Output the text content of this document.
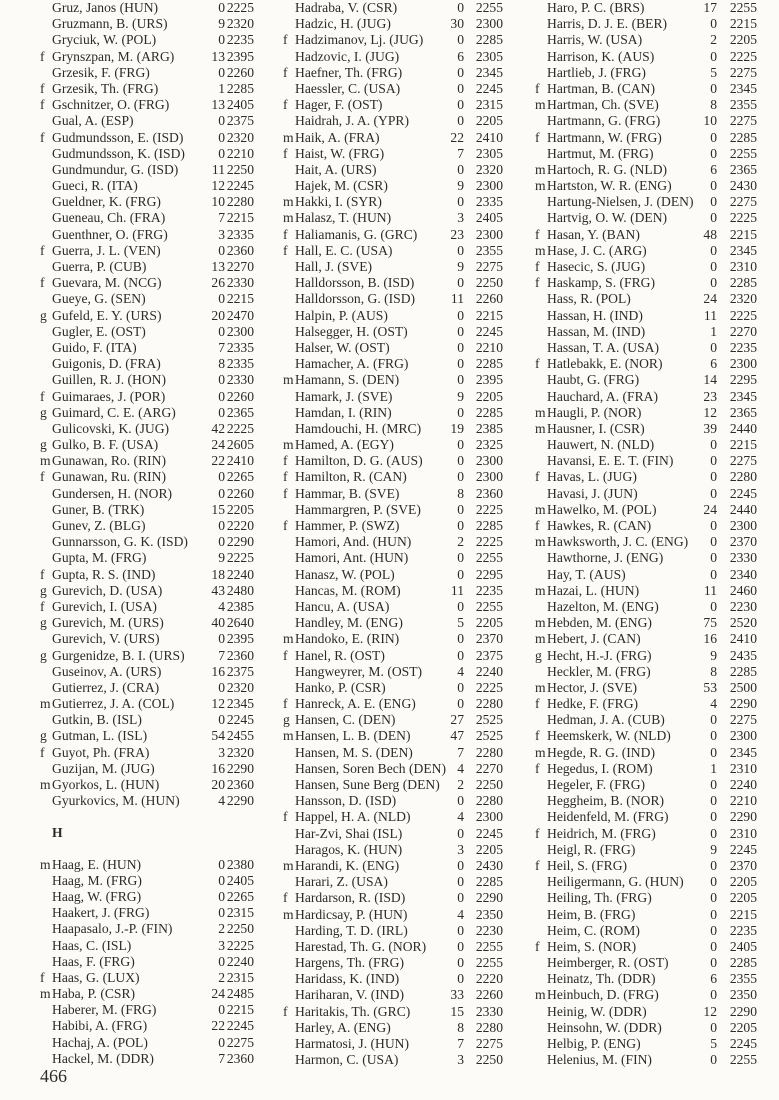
Gruz, Janos (HUN)	0 2225
Gruzmann, B. (URS)	9 2320
Gryciuk, W. (POL)	0 2235
f Grynszpan, M. (ARG)	13 2395
Grzesik, F. (FRG)	0 2260
f Grzesik, Th. (FRG)	1 2285
f Gschnitzer, O. (FRG)	13 2405
Gual, A. (ESP)	0 2375
f Gudmundsson, E. (ISD)	0 2320
Gudmundsson, K. (ISD)	0 2210
Gundmundur, G. (ISD)	11 2250
Gueci, R. (ITA)	12 2245
Gueldner, K. (FRG)	10 2280
Gueneau, Ch. (FRA)	7 2215
Guenthner, O. (FRG)	3 2335
f Guerra, J. L. (VEN)	0 2360
Guerra, P. (CUB)	13 2270
f Guevara, M. (NCG)	26 2330
Gueye, G. (SEN)	0 2215
g Gufeld, E. Y. (URS)	20 2470
Gugler, E. (OST)	0 2300
Guido, F. (ITA)	7 2335
Guigonis, D. (FRA)	8 2335
Guillen, R. J. (HON)	0 2330
f Guimaraes, J. (POR)	0 2260
g Guimard, C. E. (ARG)	0 2365
Gulicovski, K. (JUG)	42 2225
g Gulko, B. F. (USA)	24 2605
m Gunawan, Ro. (RIN)	22 2410
f Gunawan, Ru. (RIN)	0 2265
Gundersen, H. (NOR)	0 2260
Guner, B. (TRK)	15 2205
Gunev, Z. (BLG)	0 2220
Gunnarsson, G. K. (ISD)	0 2290
Gupta, M. (FRG)	9 2225
f Gupta, R. S. (IND)	18 2240
g Gurevich, D. (USA)	43 2480
f Gurevich, I. (USA)	4 2385
g Gurevich, M. (URS)	40 2640
Gurevich, V. (URS)	0 2395
g Gurgenidze, B. I. (URS)	7 2360
Guseinov, A. (URS)	16 2375
Gutierrez, J. (CRA)	0 2320
m Gutierrez, J. A. (COL)	12 2345
Gutkin, B. (ISL)	0 2245
g Gutman, L. (ISL)	54 2455
f Guyot, Ph. (FRA)	3 2320
Guzijan, M. (JUG)	16 2290
m Gyorkos, L. (HUN)	20 2360
Gyurkovics, M. (HUN)	4 2290
H
m Haag, E. (HUN)	0 2380
Haag, M. (FRG)	0 2405
Haag, W. (FRG)	0 2265
Haakert, J. (FRG)	0 2315
Haapasalo, J.-P. (FIN)	2 2250
Haas, C. (ISL)	3 2225
Haas, F. (FRG)	0 2240
f Haas, G. (LUX)	2 2315
m Haba, P. (CSR)	24 2485
Haberer, M. (FRG)	0 2215
Habibi, A. (FRG)	22 2245
Hachaj, A. (POL)	0 2275
Hackel, M. (DDR)	7 2360
Hadraba, V. (CSR)	0 2255
Hadzic, H. (JUG)	30 2300
f Hadzimanov, Lj. (JUG)	0 2285
Hadzovic, I. (JUG)	6 2305
f Haefner, Th. (FRG)	0 2345
Haessler, C. (USA)	0 2245
f Hager, F. (OST)	0 2315
Haidrah, J. A. (YPR)	0 2205
m Haik, A. (FRA)	22 2410
f Haist, W. (FRG)	7 2305
Hait, A. (URS)	0 2320
Hajek, M. (CSR)	9 2300
m Hakki, I. (SYR)	0 2335
m Halasz, T. (HUN)	3 2405
f Haliamanis, G. (GRC)	23 2300
f Hall, E. C. (USA)	0 2355
Hall, J. (SVE)	9 2275
Halldorsson, B. (ISD)	0 2250
Halldorsson, G. (ISD)	11 2260
Halpin, P. (AUS)	0 2215
Halsegger, H. (OST)	0 2245
Halser, W. (OST)	0 2210
Hamacher, A. (FRG)	0 2285
m Hamann, S. (DEN)	0 2395
Hamark, J. (SVE)	9 2205
Hamdan, I. (RIN)	0 2285
Hamdouchi, H. (MRC)	19 2385
m Hamed, A. (EGY)	0 2325
f Hamilton, D. G. (AUS)	0 2300
f Hamilton, R. (CAN)	0 2300
f Hammar, B. (SVE)	8 2360
Hammargren, P. (SVE)	0 2225
f Hammer, P. (SWZ)	0 2285
Hamori, And. (HUN)	2 2225
Hamori, Ant. (HUN)	0 2255
Hanasz, W. (POL)	0 2295
Hancas, M. (ROM)	11 2235
Hancu, A. (USA)	0 2255
Handley, M. (ENG)	5 2205
m Handoko, E. (RIN)	0 2370
f Hanel, R. (OST)	0 2375
Hangweyrer, M. (OST)	4 2240
Hanko, P. (CSR)	0 2225
f Hanreck, A. E. (ENG)	0 2280
g Hansen, C. (DEN)	27 2525
m Hansen, L. B. (DEN)	47 2525
Hansen, M. S. (DEN)	7 2280
Hansen, Soren Bech (DEN) 4 2270
Hansen, Sune Berg (DEN)	2 2250
Hansson, D. (ISD)	0 2280
f Happel, H. A. (NLD)	4 2300
Har-Zvi, Shai (ISL)	0 2245
Haragos, K. (HUN)	3 2205
m Harandi, K. (ENG)	0 2430
Harari, Z. (USA)	0 2285
f Hardarson, R. (ISD)	0 2290
m Hardicsay, P. (HUN)	4 2350
Harding, T. D. (IRL)	0 2230
Harestad, Th. G. (NOR)	0 2255
Hargens, Th. (FRG)	0 2255
Haridass, K. (IND)	0 2220
Hariharan, V. (IND)	33 2260
f Haritakis, Th. (GRC)	15 2330
Harley, A. (ENG)	8 2280
Harmatosi, J. (HUN)	7 2275
Harmon, C. (USA)	3 2250
Haro, P. C. (BRS)	17 2255
Harris, D. J. E. (BER)	0 2215
Harris, W. (USA)	2 2205
Harrison, K. (AUS)	0 2225
Hartlieb, J. (FRG)	5 2275
f Hartman, B. (CAN)	0 2345
m Hartman, Ch. (SVE)	8 2355
Hartmann, G. (FRG)	10 2275
f Hartmann, W. (FRG)	0 2285
Hartmut, M. (FRG)	0 2255
m Hartoch, R. G. (NLD)	6 2365
m Hartston, W. R. (ENG)	0 2430
Hartung-Nielsen, J. (DEN)	0 2275
Hartvig, O. W. (DEN)	0 2225
f Hasan, Y. (BAN)	48 2215
m Hase, J. C. (ARG)	0 2345
f Hasecic, S. (JUG)	0 2310
f Haskamp, S. (FRG)	0 2285
Hass, R. (POL)	24 2320
Hassan, H. (IND)	11 2225
Hassan, M. (IND)	1 2270
Hassan, T. A. (USA)	0 2235
f Hatlebakk, E. (NOR)	6 2300
Haubt, G. (FRG)	14 2295
Hauchard, A. (FRA)	23 2345
m Haugli, P. (NOR)	12 2365
m Hausner, I. (CSR)	39 2440
Hauwert, N. (NLD)	0 2215
Havansi, E. E. T. (FIN)	0 2275
f Havas, L. (JUG)	0 2280
Havasi, J. (JUN)	0 2245
m Hawelko, M. (POL)	24 2440
f Hawkes, R. (CAN)	0 2300
m Hawksworth, J. C. (ENG)	0 2370
Hawthorne, J. (ENG)	0 2330
Hay, T. (AUS)	0 2340
m Hazai, L. (HUN)	11 2460
Hazelton, M. (ENG)	0 2230
m Hebden, M. (ENG)	75 2520
m Hebert, J. (CAN)	16 2410
g Hecht, H.-J. (FRG)	9 2435
Heckler, M. (FRG)	8 2285
m Hector, J. (SVE)	53 2500
f Hedke, F. (FRG)	4 2290
Hedman, J. A. (CUB)	0 2275
f Heemskerk, W. (NLD)	0 2300
m Hegde, R. G. (IND)	0 2345
f Hegedus, I. (ROM)	1 2310
Hegeler, F. (FRG)	0 2240
Heggheim, B. (NOR)	0 2210
Heidenfeld, M. (FRG)	0 2290
f Heidrich, M. (FRG)	0 2310
Heigl, R. (FRG)	9 2245
f Heil, S. (FRG)	0 2370
Heiligermann, G. (HUN)	0 2205
Heiling, Th. (FRG)	0 2205
Heim, B. (FRG)	0 2215
Heim, C. (ROM)	0 2235
f Heim, S. (NOR)	0 2405
Heimberger, R. (OST)	0 2285
Heinatz, Th. (DDR)	6 2355
m Heinbuch, D. (FRG)	0 2350
Heinig, W. (DDR)	12 2290
Heinsohn, W. (DDR)	0 2205
Helbig, P. (ENG)	5 2245
Helenius, M. (FIN)	0 2255
466
